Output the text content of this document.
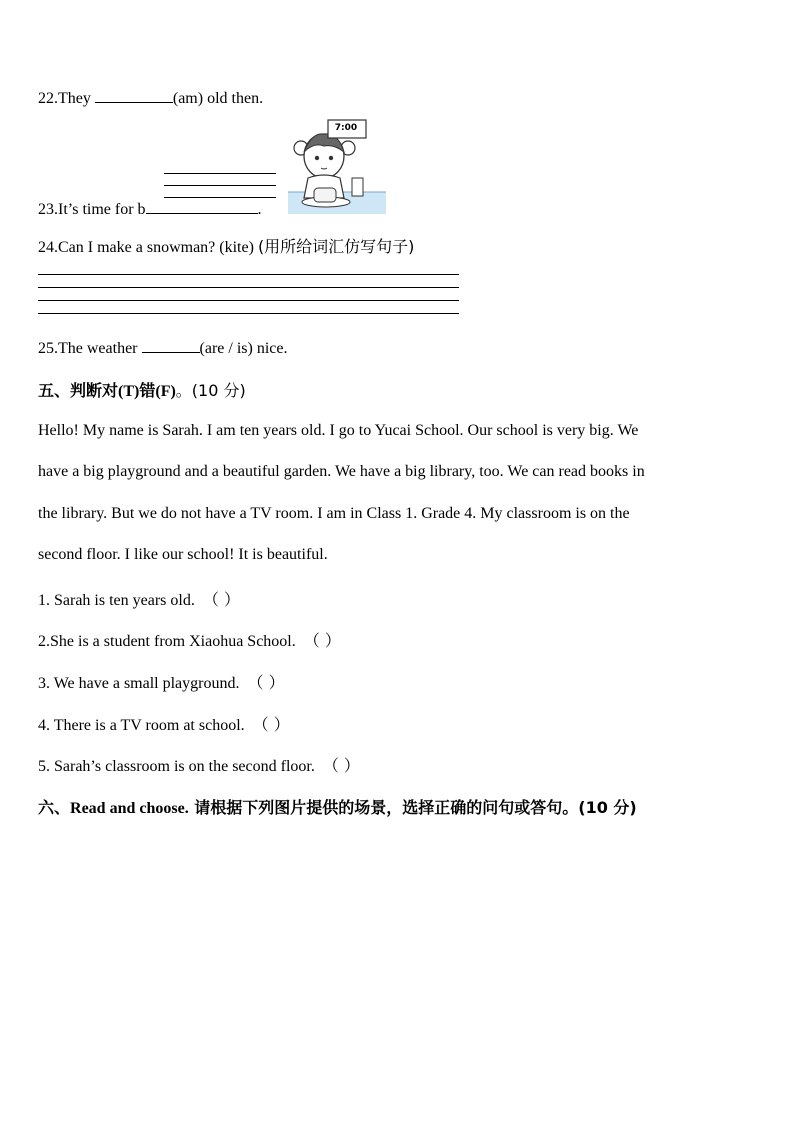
22.They	(am) old then.
23.It’s time for b	.
7:00
24.Can I make a snowman? (kite) (用所给词汇仿写句子)
25.The weather	(are / is) nice.
五、判断对(T)错(F)。(10 分)
Hello! My name is Sarah. I am ten years old. I go to Yucai School. Our school is very big. We
have a big playground and a beautiful garden. We have a big library, too. We can read books in
the library. But we do not have a TV room. I am in Class 1. Grade 4. My classroom is on the
second floor. I like our school! It is beautiful.
1. Sarah is ten years old. （ ）
2.She is a student from Xiaohua School. （ ）
3. We have a small playground. （ ）
4. There is a TV room at school. （ ）
5. Sarah’s classroom is on the second floor. （ ）
六、Read and choose. 请根据下列图片提供的场景，选择正确的问句或答句。(10 分)
